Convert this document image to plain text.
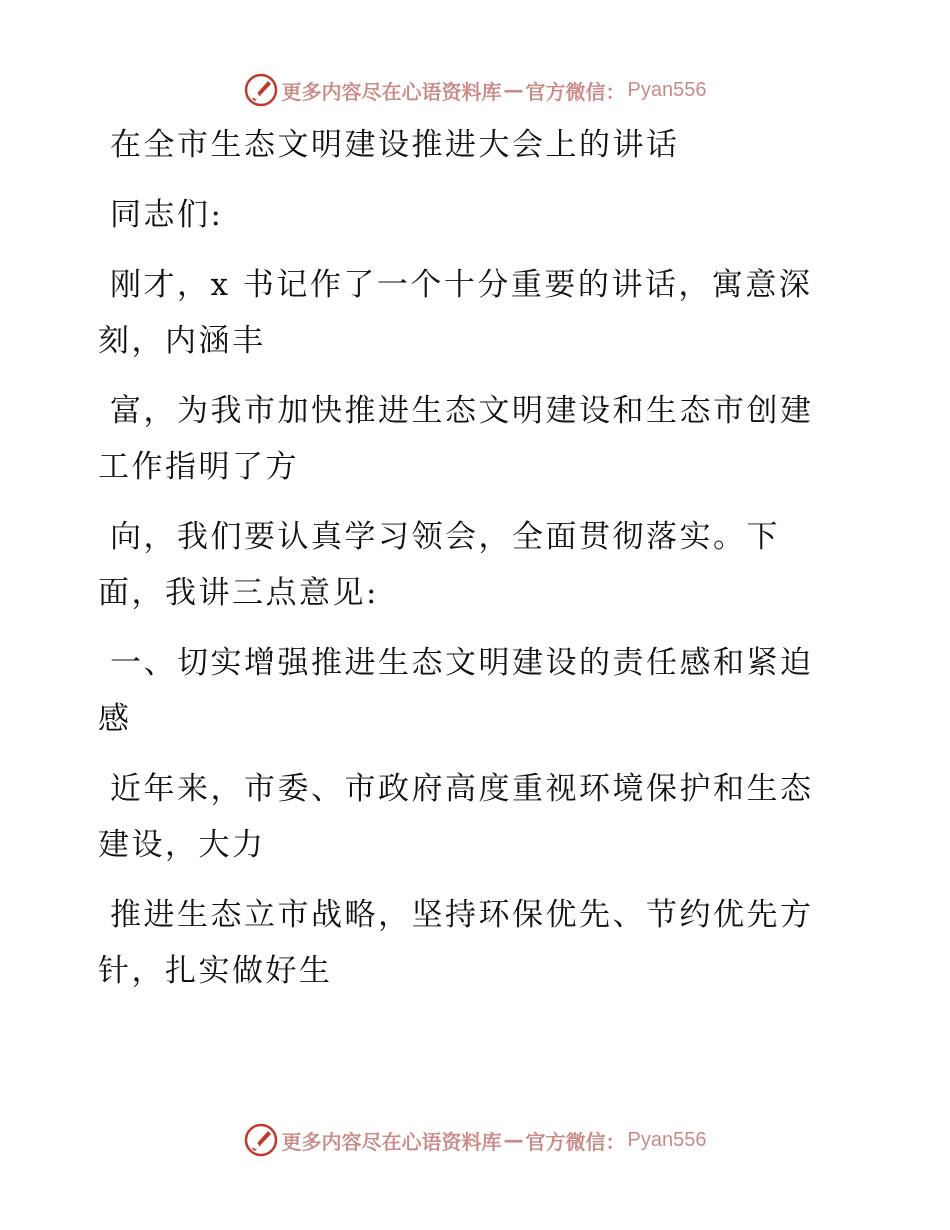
更多内容尽在心语资料库 — 官方微信： Pyan556
在全市生态文明建设推进大会上的讲话
同志们:
刚才，x 书记作了一个十分重要的讲话，寓意深
刻，内涵丰
富，为我市加快推进生态文明建设和生态市创建
工作指明了方
向，我们要认真学习领会，全面贯彻落实。下
面，我讲三点意见:
一、切实增强推进生态文明建设的责任感和紧迫
感
近年来，市委、市政府高度重视环境保护和生态
建设，大力
推进生态立市战略，坚持环保优先、节约优先方
针，扎实做好生
更多内容尽在心语资料库 — 官方微信： Pyan556
